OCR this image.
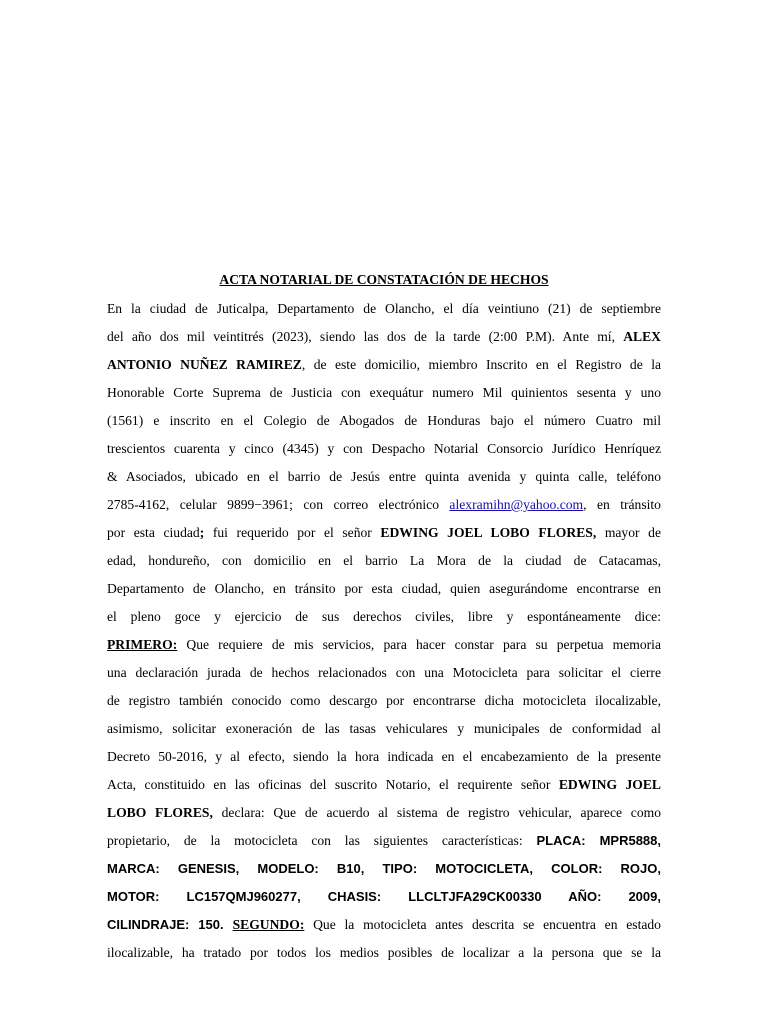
ACTA NOTARIAL DE CONSTATACIÓN DE HECHOS
En la ciudad de Juticalpa, Departamento de Olancho, el día veintiuno (21) de septiembre
del año dos mil veintitrés (2023), siendo las dos de la tarde (2:00 P.M). Ante mí, ALEX
ANTONIO NUÑEZ RAMIREZ, de este domicilio, miembro Inscrito en el Registro de la
Honorable Corte Suprema de Justicia con exequátur numero Mil quinientos sesenta y uno
(1561) e inscrito en el Colegio de Abogados de Honduras bajo el número Cuatro mil
trescientos cuarenta y cinco (4345) y con Despacho Notarial Consorcio Jurídico Henríquez
& Asociados, ubicado en el barrio de Jesús entre quinta avenida y quinta calle, teléfono
2785-4162, celular 9899−3961; con correo electrónico alexramihn@yahoo.com, en tránsito
por esta ciudad; fui requerido por el señor EDWING JOEL LOBO FLORES, mayor de
edad, hondureño, con domicilio en el barrio La Mora de la ciudad de Catacamas,
Departamento de Olancho, en tránsito por esta ciudad, quien asegurándome encontrarse en
el pleno goce y ejercicio de sus derechos civiles, libre y espontáneamente dice:
PRIMERO: Que requiere de mis servicios, para hacer constar para su perpetua memoria
una declaración jurada de hechos relacionados con una Motocicleta para solicitar el cierre
de registro también conocido como descargo por encontrarse dicha motocicleta ilocalizable,
asimismo, solicitar exoneración de las tasas vehiculares y municipales de conformidad al
Decreto 50-2016, y al efecto, siendo la hora indicada en el encabezamiento de la presente
Acta, constituido en las oficinas del suscrito Notario, el requirente señor EDWING JOEL
LOBO FLORES, declara: Que de acuerdo al sistema de registro vehicular, aparece como
propietario, de la motocicleta con las siguientes características: PLACA: MPR5888,
MARCA: GENESIS, MODELO: B10, TIPO: MOTOCICLETA, COLOR: ROJO,
MOTOR: LC157QMJ960277, CHASIS: LLCLTJFA29CK00330 AÑO: 2009,
CILINDRAJE: 150. SEGUNDO: Que la motocicleta antes descrita se encuentra en estado
ilocalizable, ha tratado por todos los medios posibles de localizar a la persona que se la
